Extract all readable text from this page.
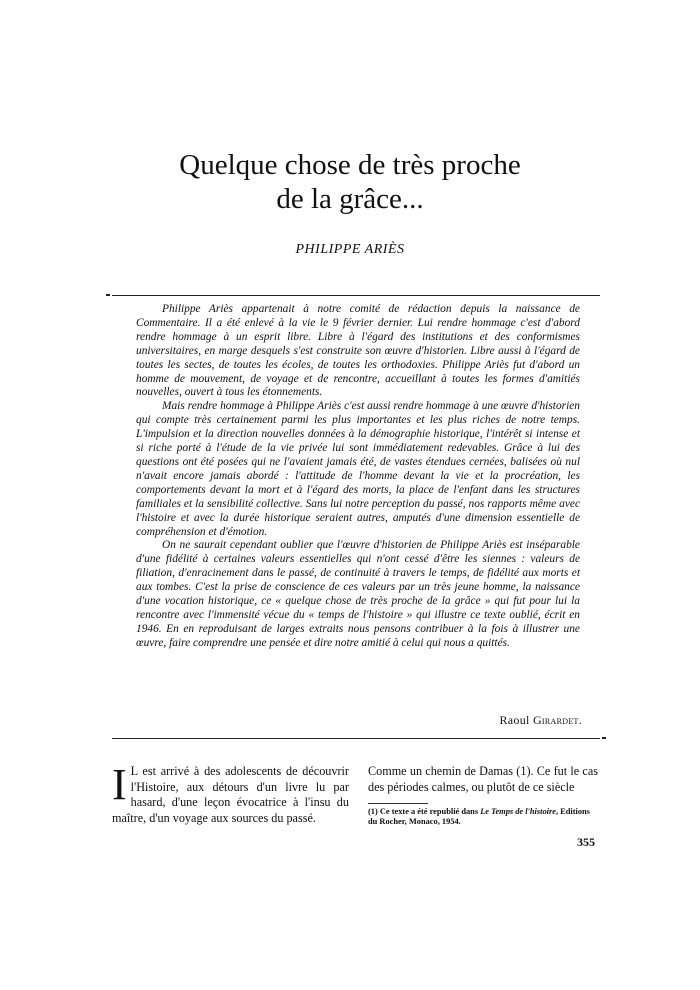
Quelque chose de très proche
de la grâce...
PHILIPPE ARIÈS

Philippe Ariès appartenait à notre comité de rédaction depuis la naissance de Commentaire. Il a été enlevé à la vie le 9 février dernier. Lui rendre hommage c'est d'abord rendre hommage à un esprit libre. Libre à l'égard des institutions et des conformismes universitaires, en marge desquels s'est construite son œuvre d'historien. Libre aussi à l'égard de toutes les sectes, de toutes les écoles, de toutes les orthodoxies. Philippe Ariès fut d'abord un homme de mouvement, de voyage et de rencontre, accueillant à toutes les formes d'amitiés nouvelles, ouvert à tous les étonnements.

Mais rendre hommage à Philippe Ariès c'est aussi rendre hommage à une œuvre d'historien qui compte très certainement parmi les plus importantes et les plus riches de notre temps. L'impulsion et la direction nouvelles données à la démographie historique, l'intérêt si intense et si riche porté à l'étude de la vie privée lui sont immédiatement redevables. Grâce à lui des questions ont été posées qui ne l'avaient jamais été, de vastes étendues cernées, balisées où nul n'avait encore jamais abordé : l'attitude de l'homme devant la vie et la procréation, les comportements devant la mort et à l'égard des morts, la place de l'enfant dans les structures familiales et la sensibilité collective. Sans lui notre perception du passé, nos rapports même avec l'histoire et avec la durée historique seraient autres, amputés d'une dimension essentielle de compréhension et d'émotion.

On ne saurait cependant oublier que l'œuvre d'historien de Philippe Ariès est inséparable d'une fidélité à certaines valeurs essentielles qui n'ont cessé d'être les siennes : valeurs de filiation, d'enracinement dans le passé, de continuité à travers le temps, de fidélité aux morts et aux tombes. C'est la prise de conscience de ces valeurs par un très jeune homme, la naissance d'une vocation historique, ce « quelque chose de très proche de la grâce » qui fut pour lui la rencontre avec l'immensité vécue du « temps de l'histoire » qui illustre ce texte oublié, écrit en 1946. En en reproduisant de larges extraits nous pensons contribuer à la fois à illustrer une œuvre, faire comprendre une pensée et dire notre amitié à celui qui nous a quittés.

Raoul Girardet.

I L est arrivé à des adolescents de découvrir l'Histoire, aux détours d'un livre lu par hasard, d'une leçon évocatrice à l'insu du maître, d'un voyage aux sources du passé.

Comme un chemin de Damas (1). Ce fut le cas des périodes calmes, ou plutôt de ce siècle

(1) Ce texte a été republié dans Le Temps de l'histoire, Editions du Rocher, Monaco, 1954.
355
